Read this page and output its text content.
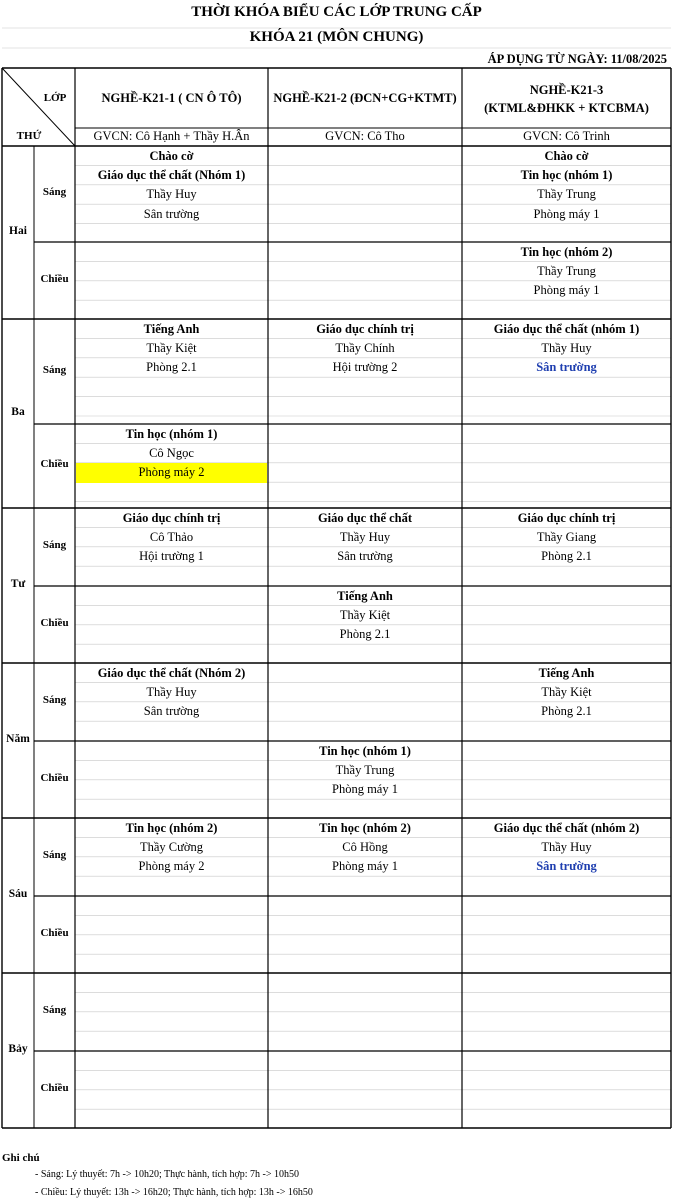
THỜI KHÓA BIỂU CÁC LỚP TRUNG CẤP
KHÓA 21 (MÔN CHUNG)
ÁP DỤNG TỪ NGÀY: 11/08/2025
LỚP
THỨ
NGHỀ-K21-1 ( CN Ô TÔ)
GVCN: Cô Hạnh + Thầy H.Ân
NGHỀ-K21-2 (ĐCN+CG+KTMT)
GVCN: Cô Tho
NGHỀ-K21-3
(KTML&ĐHKK + KTCBMA)
GVCN: Cô Trinh
Hai
Sáng
Chiều
Chào cờ
Giáo dục thể chất (Nhóm 1)
Thầy Huy
Sân trường
Chào cờ
Tin học (nhóm 1)
Thầy Trung
Phòng máy 1
Tin học (nhóm 2)
Thầy Trung
Phòng máy 1
Ba
Sáng
Chiều
Tiếng Anh
Thầy Kiệt
Phòng 2.1
Giáo dục chính trị
Thầy Chính
Hội trường 2
Giáo dục thể chất (nhóm 1)
Thầy Huy
Sân trường
Tin học (nhóm 1)
Cô Ngọc
Phòng máy 2
Tư
Sáng
Chiều
Giáo dục chính trị
Cô Thảo
Hội trường 1
Giáo dục thể chất
Thầy Huy
Sân trường
Giáo dục chính trị
Thầy Giang
Phòng 2.1
Tiếng Anh
Thầy Kiệt
Phòng 2.1
Năm
Sáng
Chiều
Giáo dục thể chất (Nhóm 2)
Thầy Huy
Sân trường
Tiếng Anh
Thầy Kiệt
Phòng 2.1
Tin học (nhóm 1)
Thầy Trung
Phòng máy 1
Sáu
Sáng
Chiều
Tin học (nhóm 2)
Thầy Cường
Phòng máy 2
Tin học (nhóm 2)
Cô Hồng
Phòng máy 1
Giáo dục thể chất (nhóm 2)
Thầy Huy
Sân trường
Bảy
Sáng
Chiều
Ghi chú
- Sáng: Lý thuyết: 7h -> 10h20; Thực hành, tích hợp: 7h -> 10h50
- Chiều: Lý thuyết: 13h -> 16h20; Thực hành, tích hợp: 13h -> 16h50
